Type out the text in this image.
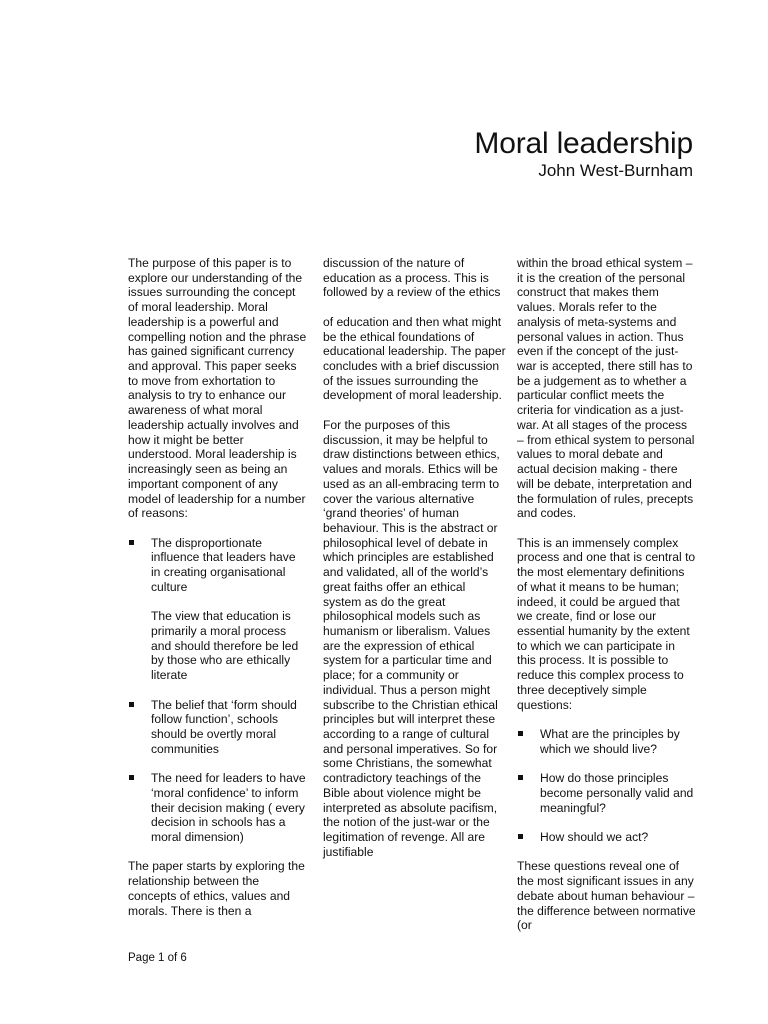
Moral leadership
John West-Burnham

The purpose of this paper is to explore our understanding of the issues surrounding the concept of moral leadership. Moral leadership is a powerful and compelling notion and the phrase has gained significant currency and approval. This paper seeks to move from exhortation to analysis to try to enhance our awareness of what moral leadership actually involves and how it might be better understood. Moral leadership is increasingly seen as being an important component of any model of leadership for a number of reasons:

The disproportionate influence that leaders have in creating organisational culture
The view that education is primarily a moral process and should therefore be led by those who are ethically literate
The belief that ‘form should follow function’, schools should be overtly moral communities
The need for leaders to have ‘moral confidence’ to inform their decision making ( every decision in schools has a moral dimension)

The paper starts by exploring the relationship between the concepts of ethics, values and morals. There is then a

discussion of the nature of education as a process. This is followed by a review of the ethics

of education and then what might be the ethical foundations of educational leadership. The paper concludes with a brief discussion of the issues surrounding the development of moral leadership.

For the purposes of this discussion, it may be helpful to draw distinctions between ethics, values and morals. Ethics will be used as an all-embracing term to cover the various alternative ‘grand theories’ of human behaviour. This is the abstract or philosophical level of debate in which principles are established and validated, all of the world’s great faiths offer an ethical system as do the great philosophical models such as humanism or liberalism. Values are the expression of ethical system for a particular time and place; for a community or individual. Thus a person might subscribe to the Christian ethical principles but will interpret these according to a range of cultural and personal imperatives. So for some Christians, the somewhat contradictory teachings of the Bible about violence might be interpreted as absolute pacifism, the notion of the just-war or the legitimation of revenge. All are justifiable

within the broad ethical system – it is the creation of the personal construct that makes them values. Morals refer to the analysis of meta-systems and personal values in action. Thus even if the concept of the just-war is accepted, there still has to be a judgement as to whether a particular conflict meets the criteria for vindication as a just-war. At all stages of the process – from ethical system to personal values to moral debate and actual decision making - there will be debate, interpretation and the formulation of rules, precepts and codes.

This is an immensely complex process and one that is central to the most elementary definitions of what it means to be human; indeed, it could be argued that we create, find or lose our essential humanity by the extent to which we can participate in this process. It is possible to reduce this complex process to three deceptively simple questions:

What are the principles by which we should live?
How do those principles become personally valid and meaningful?
How should we act?

These questions reveal one of the most significant issues in any debate about human behaviour – the difference between normative (or

Page 1 of 6
